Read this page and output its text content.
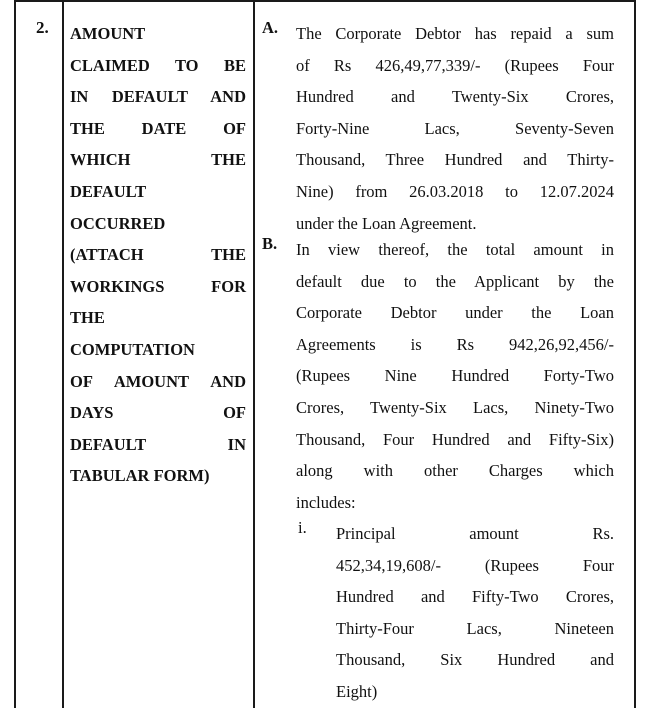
2. AMOUNT
CLAIMED TO BE
IN DEFAULT AND
THE DATE OF
WHICH THE
DEFAULT
OCCURRED
(ATTACH THE
WORKINGS FOR
THE
COMPUTATION
OF AMOUNT AND
DAYS OF
DEFAULT IN
TABULAR FORM)
A. The Corporate Debtor has repaid a sum
of Rs 426,49,77,339/- (Rupees Four
Hundred and Twenty-Six Crores,
Forty-Nine Lacs, Seventy-Seven
Thousand, Three Hundred and Thirty-
Nine) from 26.03.2018 to 12.07.2024
under the Loan Agreement.
B. In view thereof, the total amount in
default due to the Applicant by the
Corporate Debtor under the Loan
Agreements is Rs 942,26,92,456/-
(Rupees Nine Hundred Forty-Two
Crores, Twenty-Six Lacs, Ninety-Two
Thousand, Four Hundred and Fifty-Six)
along with other Charges which
includes:
i. Principal amount Rs.
452,34,19,608/- (Rupees Four
Hundred and Fifty-Two Crores,
Thirty-Four Lacs, Nineteen
Thousand, Six Hundred and
Eight)
